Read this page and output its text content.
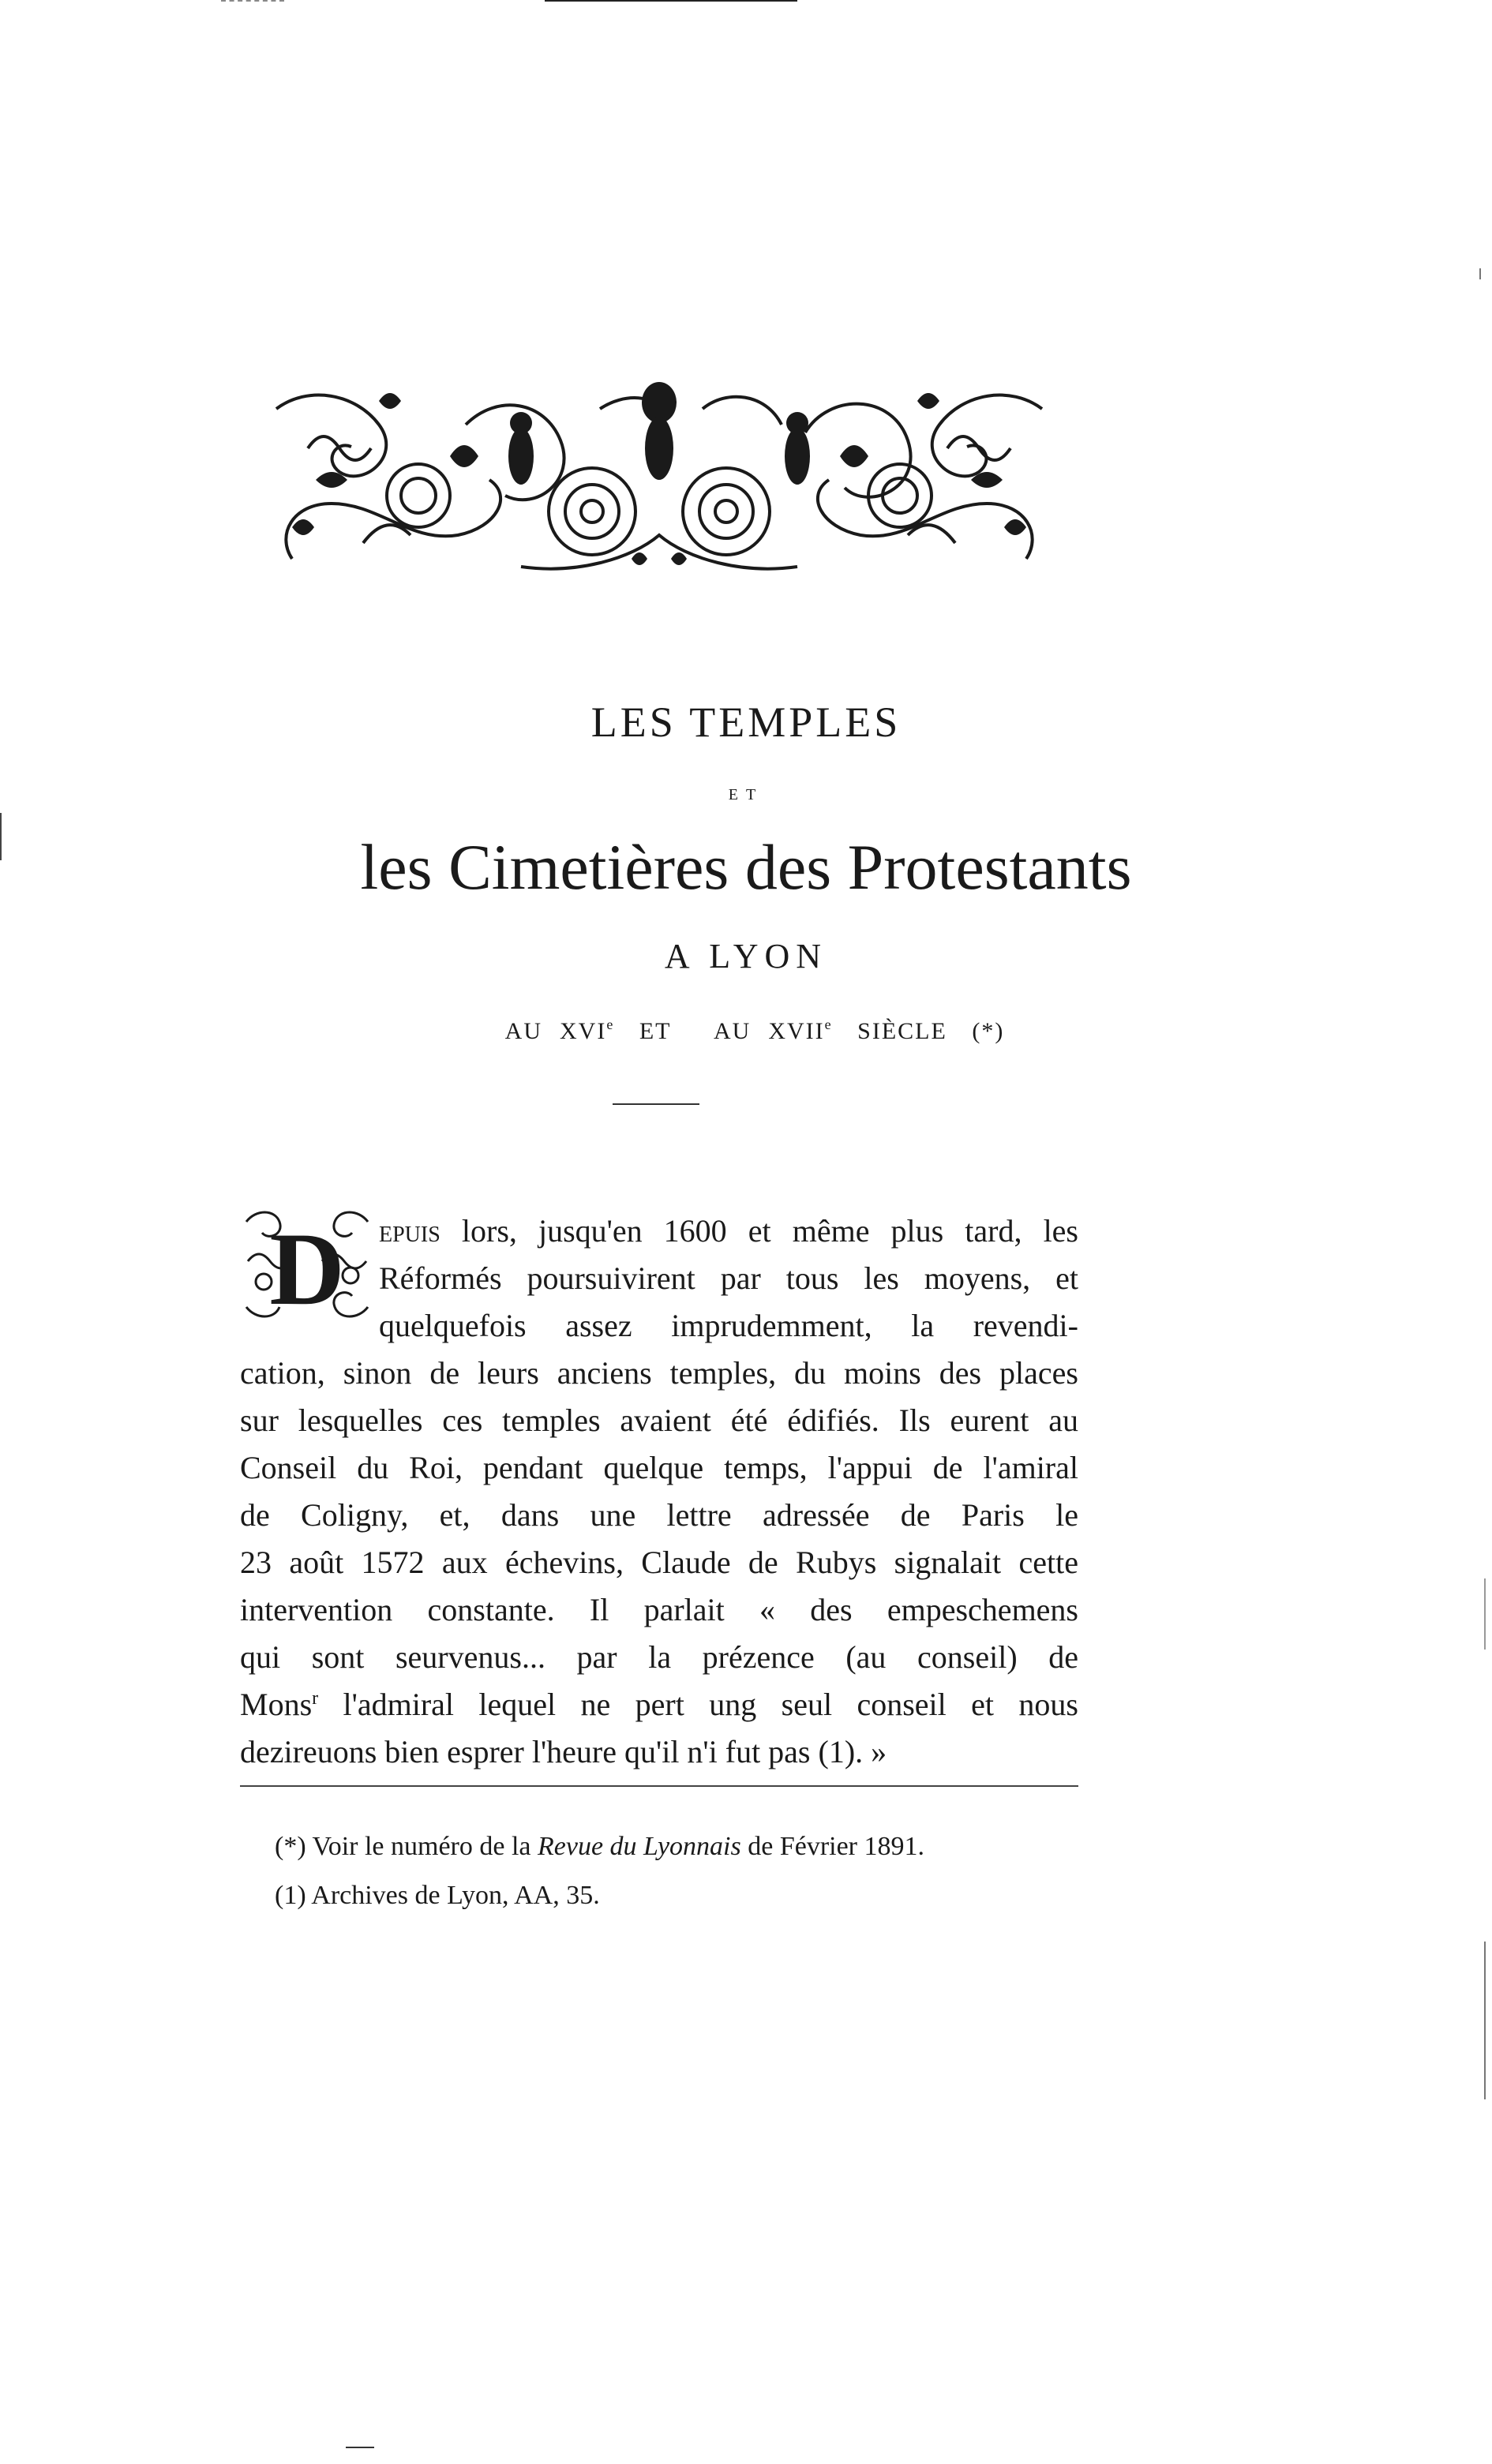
LES TEMPLES
ET
les Cimetières des Protestants
A LYON
AU XVIe ET AU XVIIe SIÈCLE (*)
D epuis lors, jusqu'en 1600 et même plus tard, les
Réformés poursuivirent par tous les moyens, et
quelquefois assez imprudemment, la revendi-
cation, sinon de leurs anciens temples, du moins des places
sur lesquelles ces temples avaient été édifiés. Ils eurent au
Conseil du Roi, pendant quelque temps, l'appui de l'amiral
de Coligny, et, dans une lettre adressée de Paris le
23 août 1572 aux échevins, Claude de Rubys signalait cette
intervention constante. Il parlait « des empeschemens
qui sont seurvenus... par la prézence (au conseil) de
Mons$^r$ l'admiral lequel ne pert ung seul conseil et nous
dezireuons bien esprer l'heure qu'il n'i fut pas (1). »
(*) Voir le numéro de la Revue du Lyonnais de Février 1891.
(1) Archives de Lyon, AA, 35.
